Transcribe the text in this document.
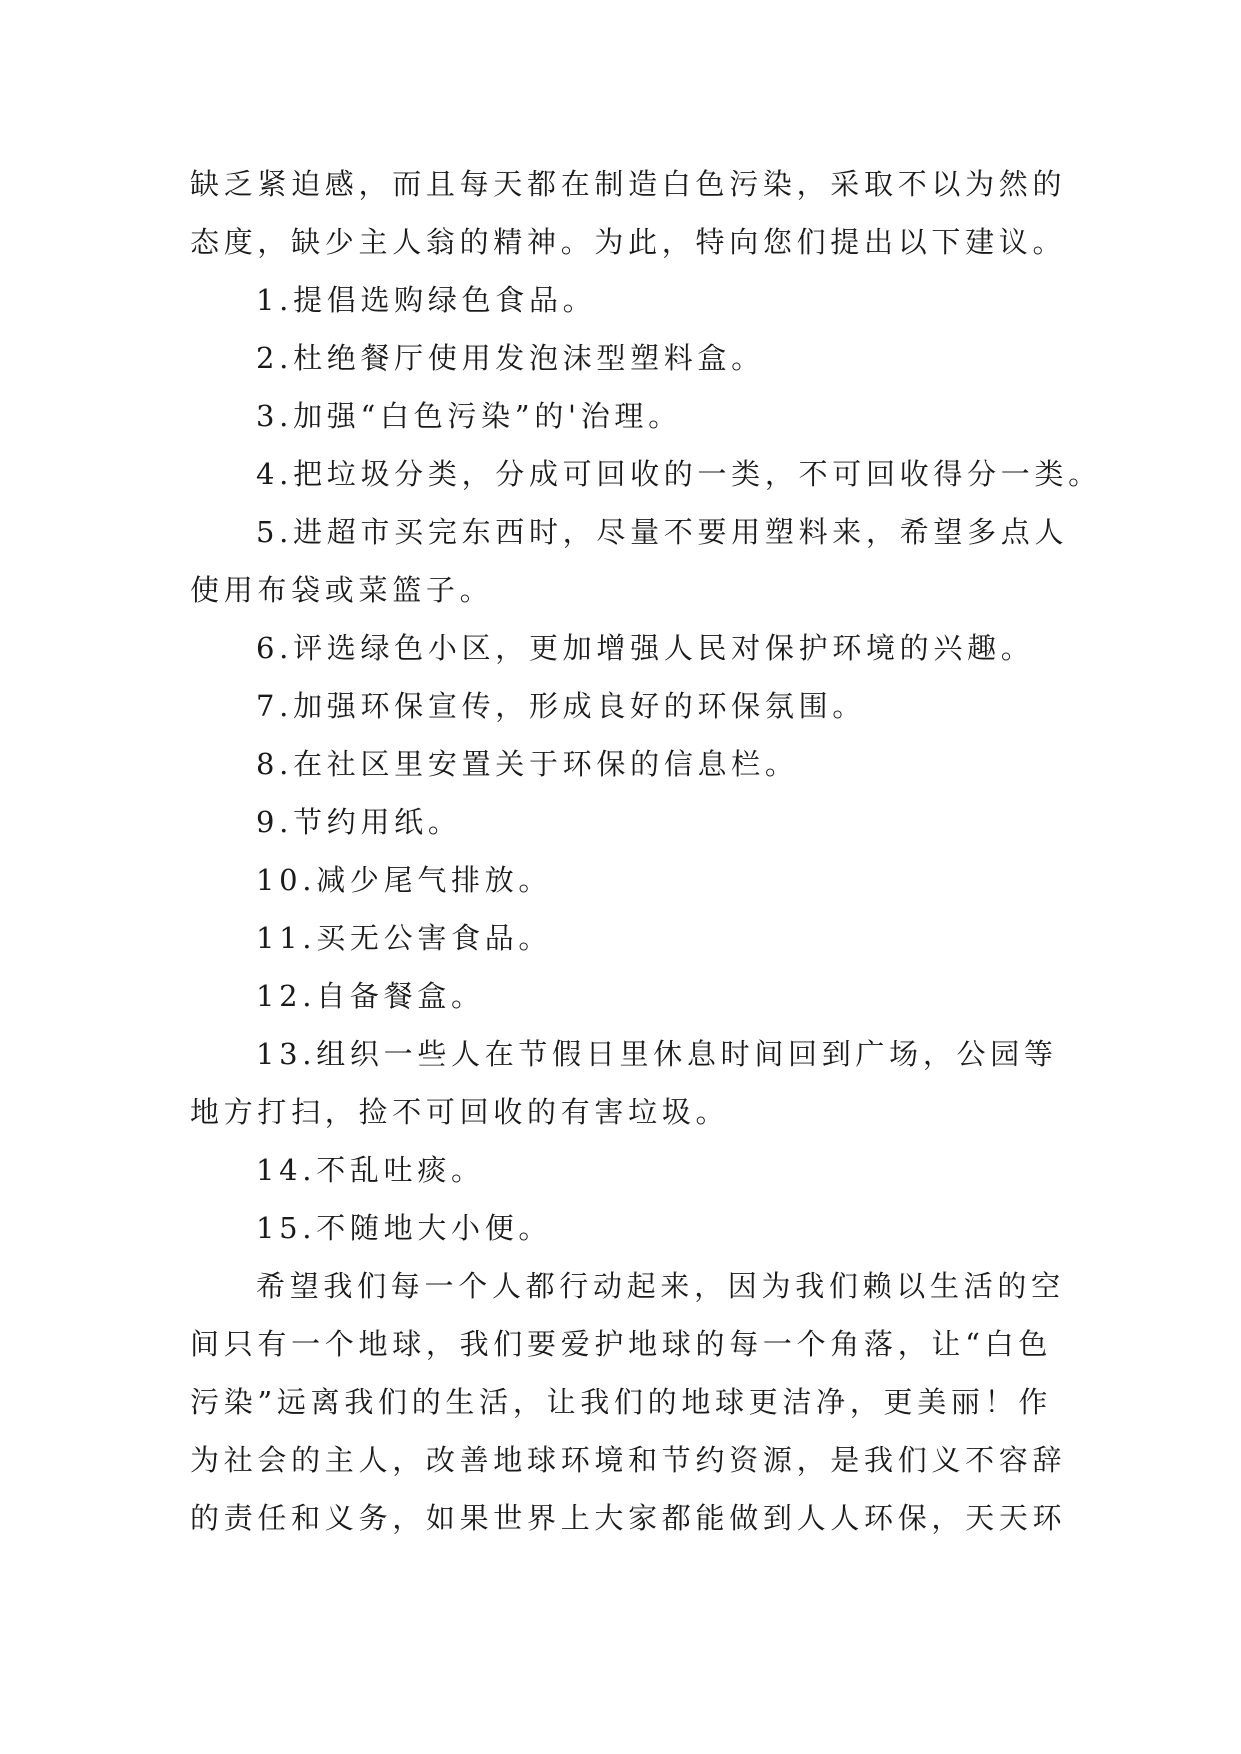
缺乏紧迫感，而且每天都在制造白色污染，采取不以为然的
态度，缺少主人翁的精神。为此，特向您们提出以下建议。
1.提倡选购绿色食品。
2.杜绝餐厅使用发泡沫型塑料盒。
3.加强“白色污染”的'治理。
4.把垃圾分类，分成可回收的一类，不可回收得分一类。
5.进超市买完东西时，尽量不要用塑料来，希望多点人
使用布袋或菜篮子。
6.评选绿色小区，更加增强人民对保护环境的兴趣。
7.加强环保宣传，形成良好的环保氛围。
8.在社区里安置关于环保的信息栏。
9.节约用纸。
10.减少尾气排放。
11.买无公害食品。
12.自备餐盒。
13.组织一些人在节假日里休息时间回到广场，公园等
地方打扫，捡不可回收的有害垃圾。
14.不乱吐痰。
15.不随地大小便。
希望我们每一个人都行动起来，因为我们赖以生活的空
间只有一个地球，我们要爱护地球的每一个角落，让“白色
污染”远离我们的生活，让我们的地球更洁净，更美丽！作
为社会的主人，改善地球环境和节约资源，是我们义不容辞
的责任和义务，如果世界上大家都能做到人人环保，天天环
